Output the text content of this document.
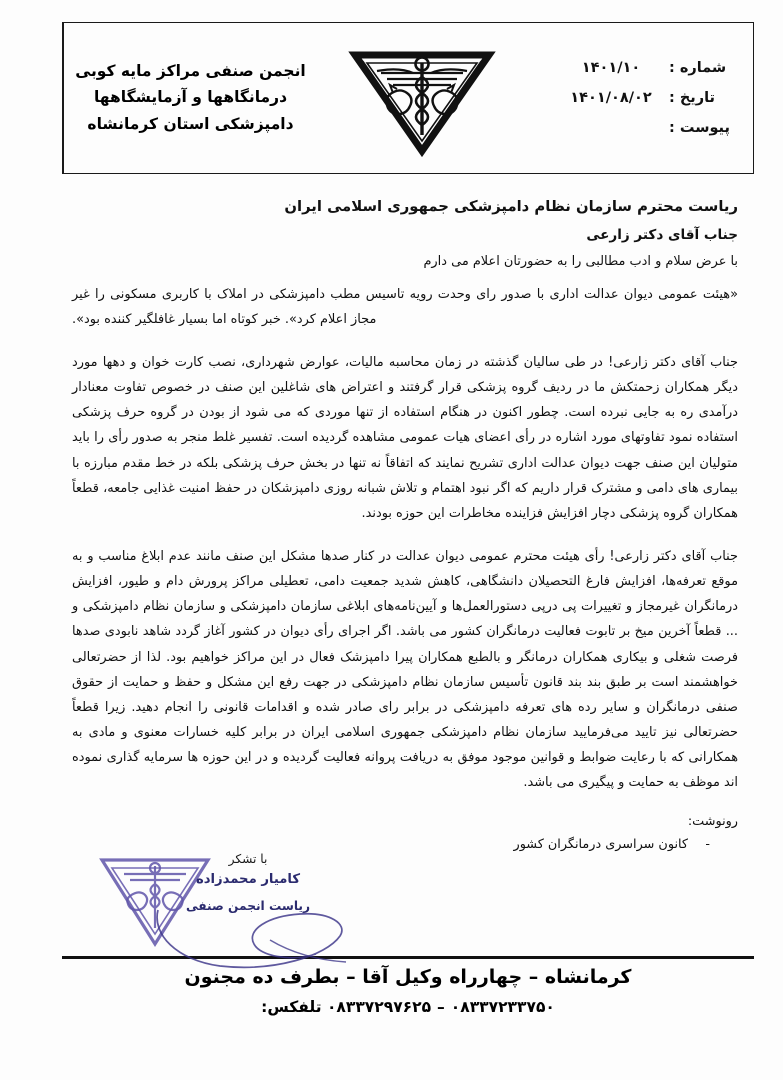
انجمن صنفی مراکز مایه کوبی
درمانگاهها و آزمایشگاهها
دامپزشکی استان کرمانشاه
شماره :
۱۴۰۱/۱۰
تاریخ :
۱۴۰۱/۰۸/۰۲
پیوست :

ریاست محترم سازمان نظام دامپزشکی جمهوری اسلامی ایران

جناب آقای دکتر زارعی

با عرض سلام و ادب مطالبی را به حضورتان اعلام می دارم

«هیئت عمومی دیوان عدالت اداری با صدور رای وحدت رویه تاسیس مطب دامپزشکی در املاک با کاربری مسکونی را غیر مجاز اعلام کرد». خبر کوتاه اما بسیار غافلگیر کننده بود».

جناب آقای دکتر زارعی! در طی سالیان گذشته در زمان محاسبه مالیات، عوارض شهرداری، نصب کارت خوان و دهها مورد دیگر همکاران زحمتکش ما در ردیف گروه پزشکی قرار گرفتند و اعتراض های شاغلین این صنف در خصوص تفاوت معنادار درآمدی ره به جایی نبرده است. چطور اکنون در هنگام استفاده از تنها موردی که می شود از بودن در گروه حرف پزشکی استفاده نمود تفاوتهای مورد اشاره در رأی اعضای هیات عمومی مشاهده گردیده است. تفسیر غلط منجر به صدور رأی را باید متولیان این صنف جهت دیوان عدالت اداری تشریح نمایند که اتفاقاً نه تنها در بخش حرف پزشکی بلکه در خط مقدم مبارزه با بیماری های دامی و مشترک قرار داریم که اگر نبود اهتمام و تلاش شبانه روزی دامپزشکان در حفظ امنیت غذایی جامعه، قطعاً همکاران گروه پزشکی دچار افزایش فزاینده مخاطرات این حوزه بودند.

جناب آقای دکتر زارعی! رأی هیئت محترم عمومی دیوان عدالت در کنار صدها مشکل این صنف مانند عدم ابلاغ مناسب و به موقع تعرفه‌ها، افزایش فارغ التحصیلان دانشگاهی، کاهش شدید جمعیت دامی، تعطیلی مراکز پرورش دام و طیور، افزایش درمانگران غیرمجاز و تغییرات پی درپی دستورالعمل‌ها و آیین‌نامه‌های ابلاغی سازمان دامپزشکی و سازمان نظام دامپزشکی و ... قطعاً آخرین میخ بر تابوت فعالیت درمانگران کشور می باشد. اگر اجرای رأی دیوان در کشور آغاز گردد شاهد نابودی صدها فرصت شغلی و بیکاری همکاران درمانگر و بالطبع همکاران پیرا دامپزشک فعال در این مراکز خواهیم بود. لذا از حضرتعالی خواهشمند است بر طبق بند بند قانون تأسیس سازمان نظام دامپزشکی در جهت رفع این مشکل و حفظ و حمایت از حقوق صنفی درمانگران و سایر رده های تعرفه دامپزشکی در برابر رای صادر شده و اقدامات قانونی را انجام دهید. زیرا قطعاً حضرتعالی نیز تایید می‌فرمایید سازمان نظام دامپزشکی جمهوری اسلامی ایران در برابر کلیه خسارات معنوی و مادی به همکارانی که با رعایت ضوابط و قوانین موجود موفق به دریافت پروانه فعالیت گردیده و در این حوزه ها سرمایه گذاری نموده اند موظف به حمایت و پیگیری می باشد.

رونوشت:

- کانون سراسری درمانگران کشور
با تشکر
کامیار محمدزاده
ریاست انجمن صنفی
کرمانشاه – چهارراه وکیل آقا – بطرف ده مجنون
۰۸۳۳۷۲۳۳۷۵۰–۰۸۳۳۷۲۹۷۶۲۵ تلفکس:
